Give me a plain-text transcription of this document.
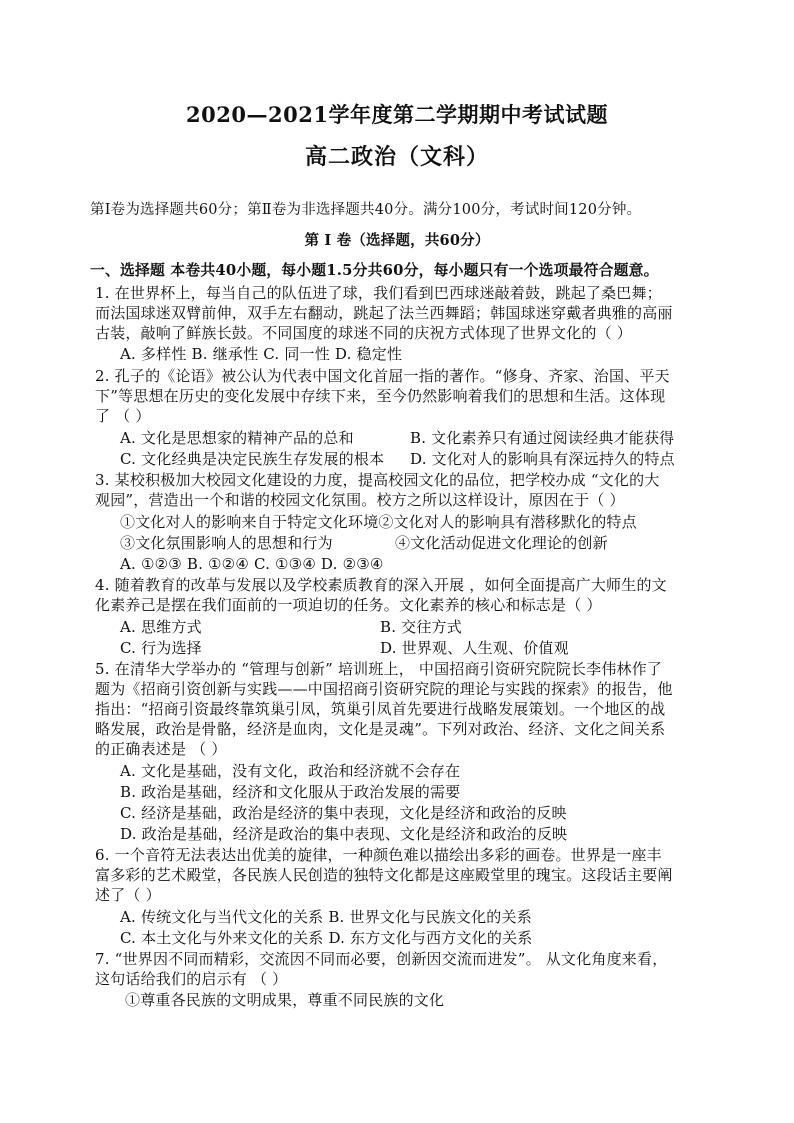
2020—2021学年度第二学期期中考试试题
高二政治（文科）
第Ⅰ卷为选择题共60分；第Ⅱ卷为非选择题共40分。满分100分，考试时间120分钟。
第 Ⅰ 卷（选择题，共60分）
一、选择题 本卷共40小题，每小题1.5分共60分，每小题只有一个选项最符合题意。
1. 在世界杯上，每当自己的队伍进了球，我们看到巴西球迷敲着鼓，跳起了桑巴舞；
而法国球迷双臂前伸，双手左右翻动，跳起了法兰西舞蹈；韩国球迷穿戴者典雅的高丽
古装，敲响了鲜族长鼓。不同国度的球迷不同的庆祝方式体现了世界文化的（ ）
A. 多样性 B. 继承性 C. 同一性 D. 稳定性
2. 孔子的《论语》被公认为代表中国文化首屈一指的著作。“修身、齐家、治国、平天
下”等思想在历史的变化发展中存续下来，至今仍然影响着我们的思想和生活。这体现
了 （ ）
A. 文化是思想家的精神产品的总和	B. 文化素养只有通过阅读经典才能获得
C. 文化经典是决定民族生存发展的根本 D. 文化对人的影响具有深远持久的特点
3. 某校积极加大校园文化建设的力度，提高校园文化的品位，把学校办成 “文化的大
观园”，营造出一个和谐的校园文化氛围。校方之所以这样设计，原因在于（ ）
①文化对人的影响来自于特定文化环境②文化对人的影响具有潜移默化的特点
③文化氛围影响人的思想和行为	④文化活动促进文化理论的创新
A. ①②③ B. ①②④ C. ①③④ D. ②③④
4. 随着教育的改革与发展以及学校素质教育的深入开展 ，如何全面提高广大师生的文
化素养己是摆在我们面前的一项迫切的任务。文化素养的核心和标志是（ ）
A. 思维方式	B. 交往方式
C. 行为选择	D. 世界观、人生观、价值观
5. 在清华大学举办的 “管理与创新” 培训班上， 中国招商引资研究院院长李伟林作了
题为《招商引资创新与实践——中国招商引资研究院的理论与实践的探索》的报告，他
指出：“招商引资最终靠筑巢引凤，筑巢引凤首先要进行战略发展策划。一个地区的战
略发展，政治是骨骼，经济是血肉，文化是灵魂”。下列对政治、经济、文化之间关系
的正确表述是 （ ）
A. 文化是基础，没有文化，政治和经济就不会存在
B. 政治是基础，经济和文化服从于政治发展的需要
C. 经济是基础，政治是经济的集中表现，文化是经济和政治的反映
D. 政治是基础，经济是政治的集中表现、文化是经济和政治的反映
6. 一个音符无法表达出优美的旋律，一种颜色难以描绘出多彩的画卷。世界是一座丰
富多彩的艺术殿堂，各民族人民创造的独特文化都是这座殿堂里的瑰宝。这段话主要阐
述了（ ）
A. 传统文化与当代文化的关系 B. 世界文化与民族文化的关系
C. 本土文化与外来文化的关系 D. 东方文化与西方文化的关系
7. “世界因不同而精彩，交流因不同而必要，创新因交流而进发”。 从文化角度来看，
这句话给我们的启示有 （ ）
①尊重各民族的文明成果，尊重不同民族的文化
